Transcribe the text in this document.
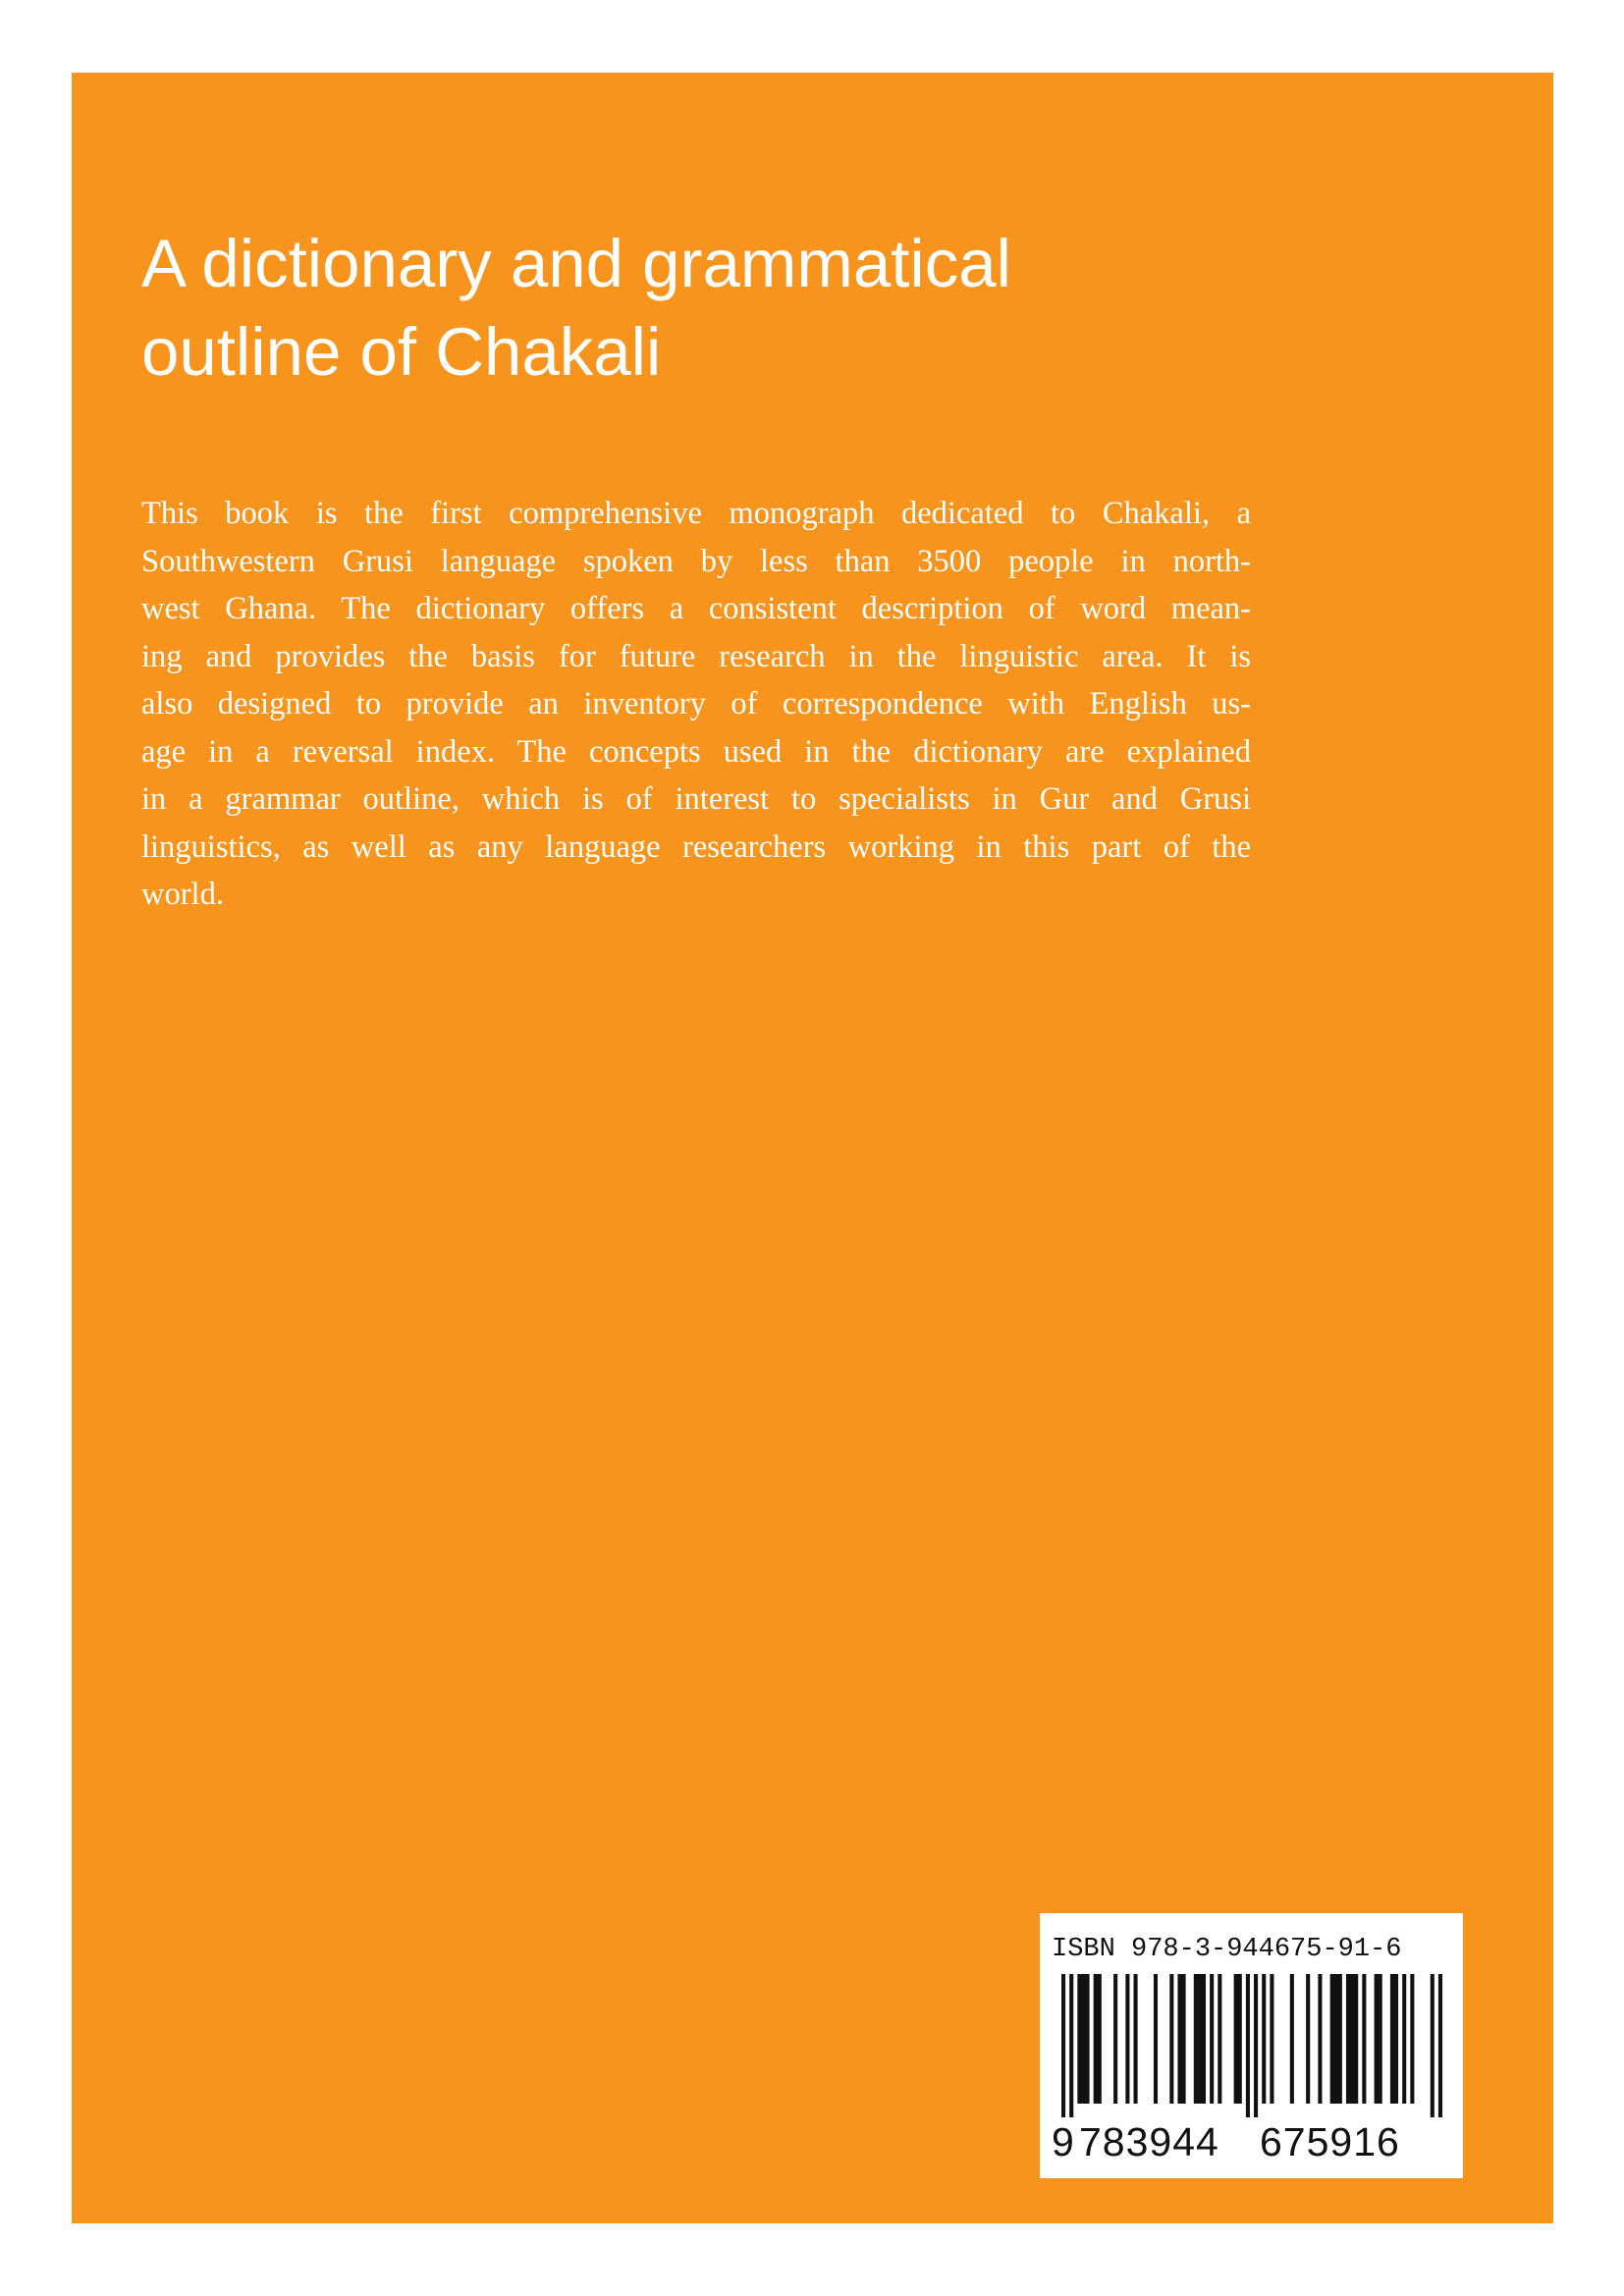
A dictionary and grammatical
outline of Chakali
This book is the first comprehensive monograph dedicated to Chakali, a
Southwestern Grusi language spoken by less than 3500 people in north-
west Ghana. The dictionary offers a consistent description of word mean-
ing and provides the basis for future research in the linguistic area. It is
also designed to provide an inventory of correspondence with English us-
age in a reversal index. The concepts used in the dictionary are explained
in a grammar outline, which is of interest to specialists in Gur and Grusi
linguistics, as well as any language researchers working in this part of the
world.
ISBN 978-3-944675-91-6
9 783944 675916
